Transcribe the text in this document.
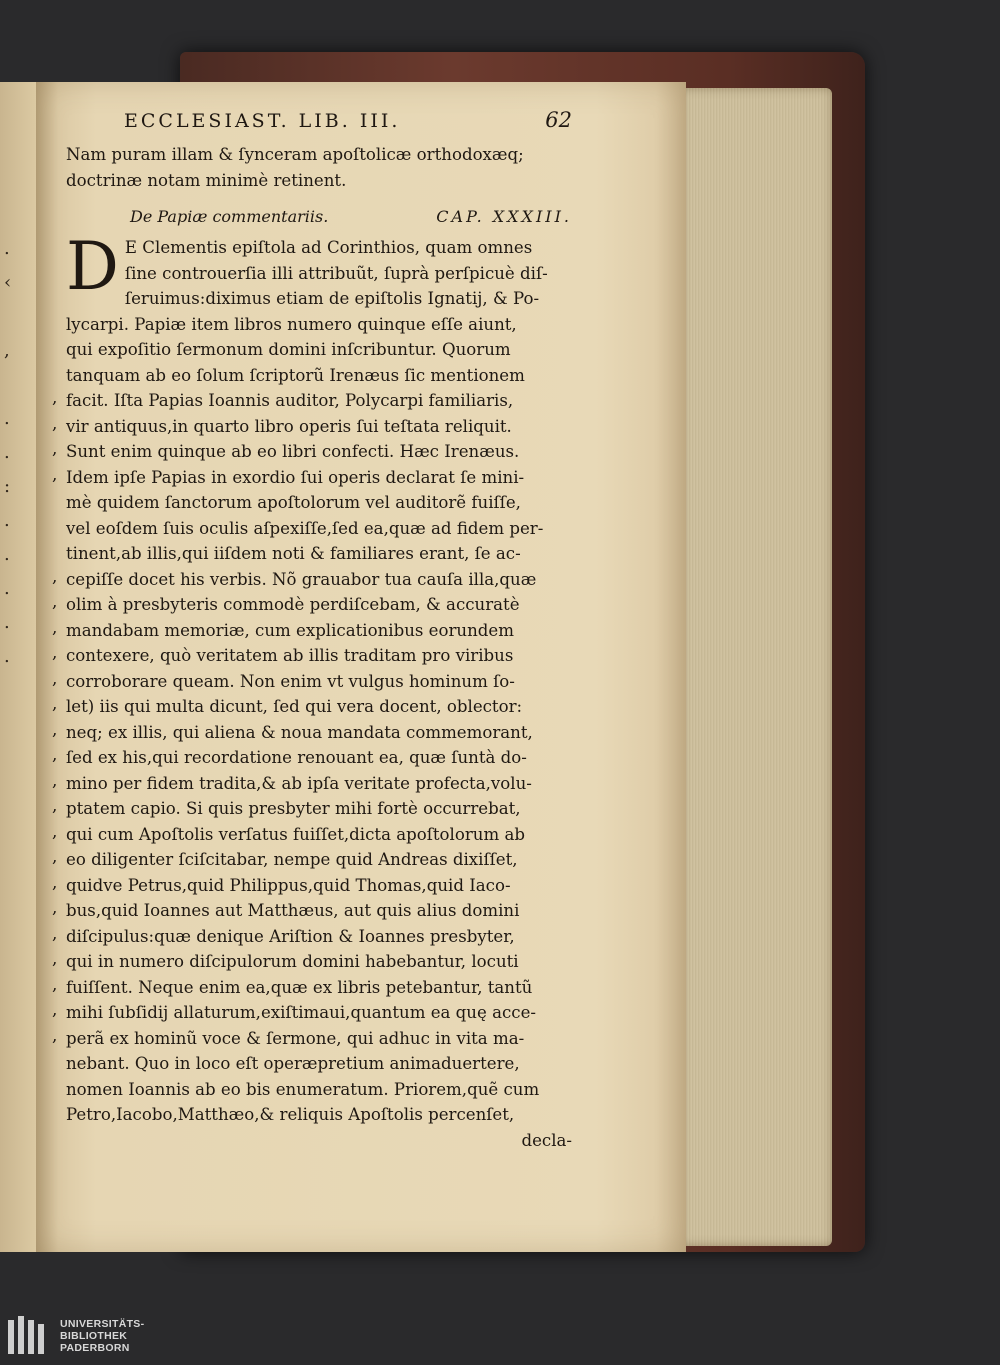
.
‹

,

.
.
:
.
.
.
.
.
ECCLESIAST. LIB. III.	62
Nam puram illam & ſynceram apoſtolicæ orthodoxæq;
doctrinæ notam minimè retinent.
De Papiæ commentariis.	CAP. XXXIII.
D E Clementis epiſtola ad Corinthios, quam omnes
ſine controuerſia illi attribuũt, ſuprà perſpicuè diſ-
ſeruimus:diximus etiam de epiſtolis Ignatij, & Po-
lycarpi. Papiæ item libros numero quinque eſſe aiunt,
qui expoſitio ſermonum domini inſcribuntur. Quorum
tanquam ab eo ſolum ſcriptorũ Irenæus ſic mentionem
, facit. Iſta Papias Ioannis auditor, Polycarpi familiaris,
, vir antiquus,in quarto libro operis ſui teſtata reliquit.
, Sunt enim quinque ab eo libri confecti. Hæc Irenæus.
, Idem ipſe Papias in exordio ſui operis declarat ſe mini-
mè quidem ſanctorum apoſtolorum vel auditorẽ fuiſſe,
vel eoſdem ſuis oculis aſpexiſſe,ſed ea,quæ ad fidem per-
tinent,ab illis,qui iiſdem noti & familiares erant, ſe ac-
, cepiſſe docet his verbis. Nõ grauabor tua cauſa illa,quæ
, olim à presbyteris commodè perdiſcebam, & accuratè
, mandabam memoriæ, cum explicationibus eorundem
, contexere, quò veritatem ab illis traditam pro viribus
, corroborare queam. Non enim vt vulgus hominum ſo-
, let) iis qui multa dicunt, ſed qui vera docent, oblector:
, neq; ex illis, qui aliena & noua mandata commemorant,
, ſed ex his,qui recordatione renouant ea, quæ ſuntà do-
, mino per fidem tradita,& ab ipſa veritate profecta,volu-
, ptatem capio. Si quis presbyter mihi fortè occurrebat,
, qui cum Apoſtolis verſatus fuiſſet,dicta apoſtolorum ab
, eo diligenter ſciſcitabar, nempe quid Andreas dixiſſet,
, quidve Petrus,quid Philippus,quid Thomas,quid Iaco-
, bus,quid Ioannes aut Matthæus, aut quis alius domini
, diſcipulus:quæ denique Ariſtion & Ioannes presbyter,
, qui in numero diſcipulorum domini habebantur, locuti
, fuiſſent. Neque enim ea,quæ ex libris petebantur, tantũ
, mihi ſubſidij allaturum,exiſtimaui,quantum ea quę acce-
, perã ex hominũ voce & ſermone, qui adhuc in vita ma-
nebant. Quo in loco eſt operæpretium animaduertere,
nomen Ioannis ab eo bis enumeratum. Priorem,quẽ cum
Petro,Iacobo,Matthæo,& reliquis Apoſtolis percenſet,
decla-
UNIVERSITÄTS-
BIBLIOTHEK
PADERBORN
